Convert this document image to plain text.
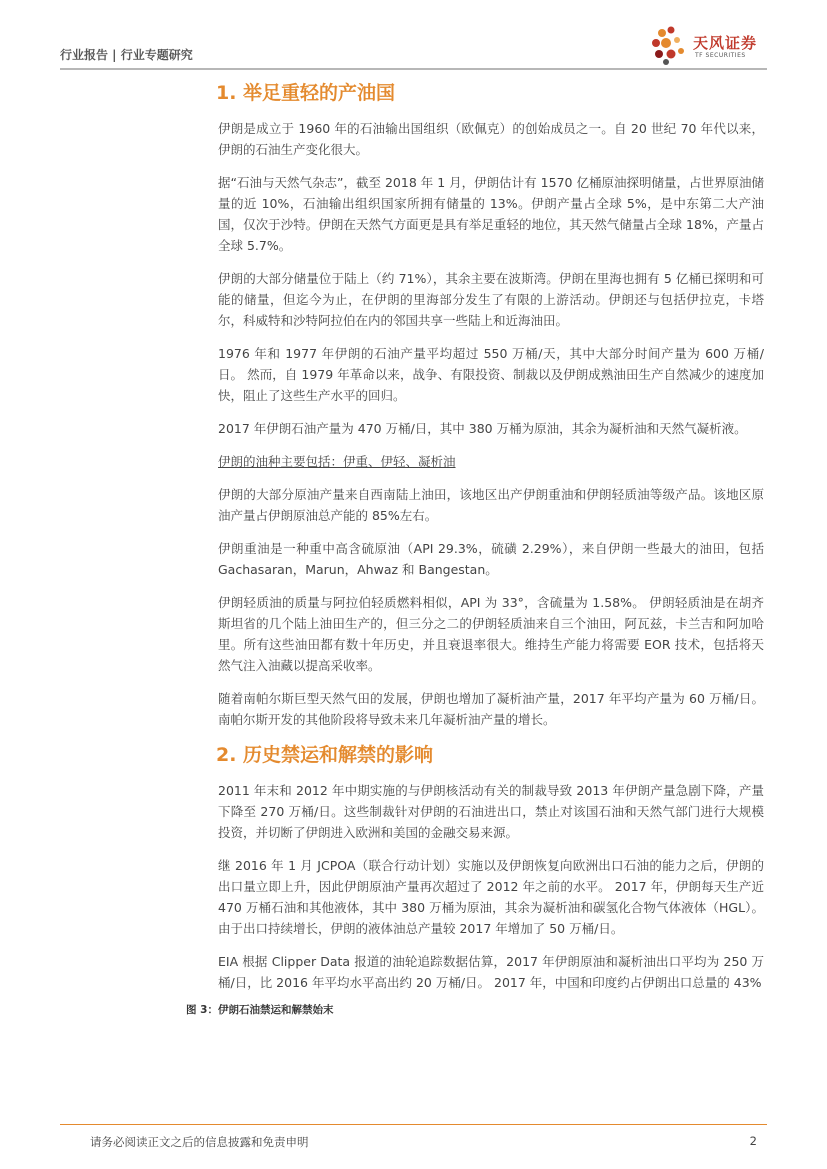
行业报告 | 行业专题研究
天风证券
TF SECURITIES
1. 举足重轻的产油国

伊朗是成立于 1960 年的石油输出国组织（欧佩克）的创始成员之一。自 20 世纪 70 年代以来，伊朗的石油生产变化很大。

据“石油与天然气杂志”，截至 2018 年 1 月，伊朗估计有 1570 亿桶原油探明储量，占世界原油储量的近 10%，石油输出组织国家所拥有储量的 13%。伊朗产量占全球 5%，是中东第二大产油国，仅次于沙特。伊朗在天然气方面更是具有举足重轻的地位，其天然气储量占全球 18%，产量占全球 5.7%。

伊朗的大部分储量位于陆上（约 71%），其余主要在波斯湾。伊朗在里海也拥有 5 亿桶已探明和可能的储量，但迄今为止，在伊朗的里海部分发生了有限的上游活动。伊朗还与包括伊拉克，卡塔尔，科威特和沙特阿拉伯在内的邻国共享一些陆上和近海油田。

1976 年和 1977 年伊朗的石油产量平均超过 550 万桶/天，其中大部分时间产量为 600 万桶/日。 然而，自 1979 年革命以来，战争、有限投资、制裁以及伊朗成熟油田生产自然减少的速度加快，阻止了这些生产水平的回归。

2017 年伊朗石油产量为 470 万桶/日，其中 380 万桶为原油，其余为凝析油和天然气凝析液。

伊朗的油种主要包括：伊重、伊轻、凝析油

伊朗的大部分原油产量来自西南陆上油田，该地区出产伊朗重油和伊朗轻质油等级产品。该地区原油产量占伊朗原油总产能的 85%左右。

伊朗重油是一种重中高含硫原油（API 29.3%，硫磺 2.29%），来自伊朗一些最大的油田，包括 Gachasaran，Marun，Ahwaz 和 Bangestan。

伊朗轻质油的质量与阿拉伯轻质燃料相似，API 为 33°，含硫量为 1.58%。 伊朗轻质油是在胡齐斯坦省的几个陆上油田生产的，但三分之二的伊朗轻质油来自三个油田，阿瓦兹，卡兰吉和阿加哈里。所有这些油田都有数十年历史，并且衰退率很大。维持生产能力将需要 EOR 技术，包括将天然气注入油藏以提高采收率。

随着南帕尔斯巨型天然气田的发展，伊朗也增加了凝析油产量，2017 年平均产量为 60 万桶/日。南帕尔斯开发的其他阶段将导致未来几年凝析油产量的增长。

2. 历史禁运和解禁的影响

2011 年末和 2012 年中期实施的与伊朗核活动有关的制裁导致 2013 年伊朗产量急剧下降，产量下降至 270 万桶/日。这些制裁针对伊朗的石油进出口，禁止对该国石油和天然气部门进行大规模投资，并切断了伊朗进入欧洲和美国的金融交易来源。

继 2016 年 1 月 JCPOA（联合行动计划）实施以及伊朗恢复向欧洲出口石油的能力之后，伊朗的出口量立即上升，因此伊朗原油产量再次超过了 2012 年之前的水平。 2017 年，伊朗每天生产近 470 万桶石油和其他液体，其中 380 万桶为原油，其余为凝析油和碳氢化合物气体液体（HGL）。 由于出口持续增长，伊朗的液体油总产量较 2017 年增加了 50 万桶/日。

EIA 根据 Clipper Data 报道的油轮追踪数据估算，2017 年伊朗原油和凝析油出口平均为 250 万桶/日，比 2016 年平均水平高出约 20 万桶/日。 2017 年，中国和印度约占伊朗出口总量的 43%

图 3：伊朗石油禁运和解禁始末
请务必阅读正文之后的信息披露和免责申明	2
